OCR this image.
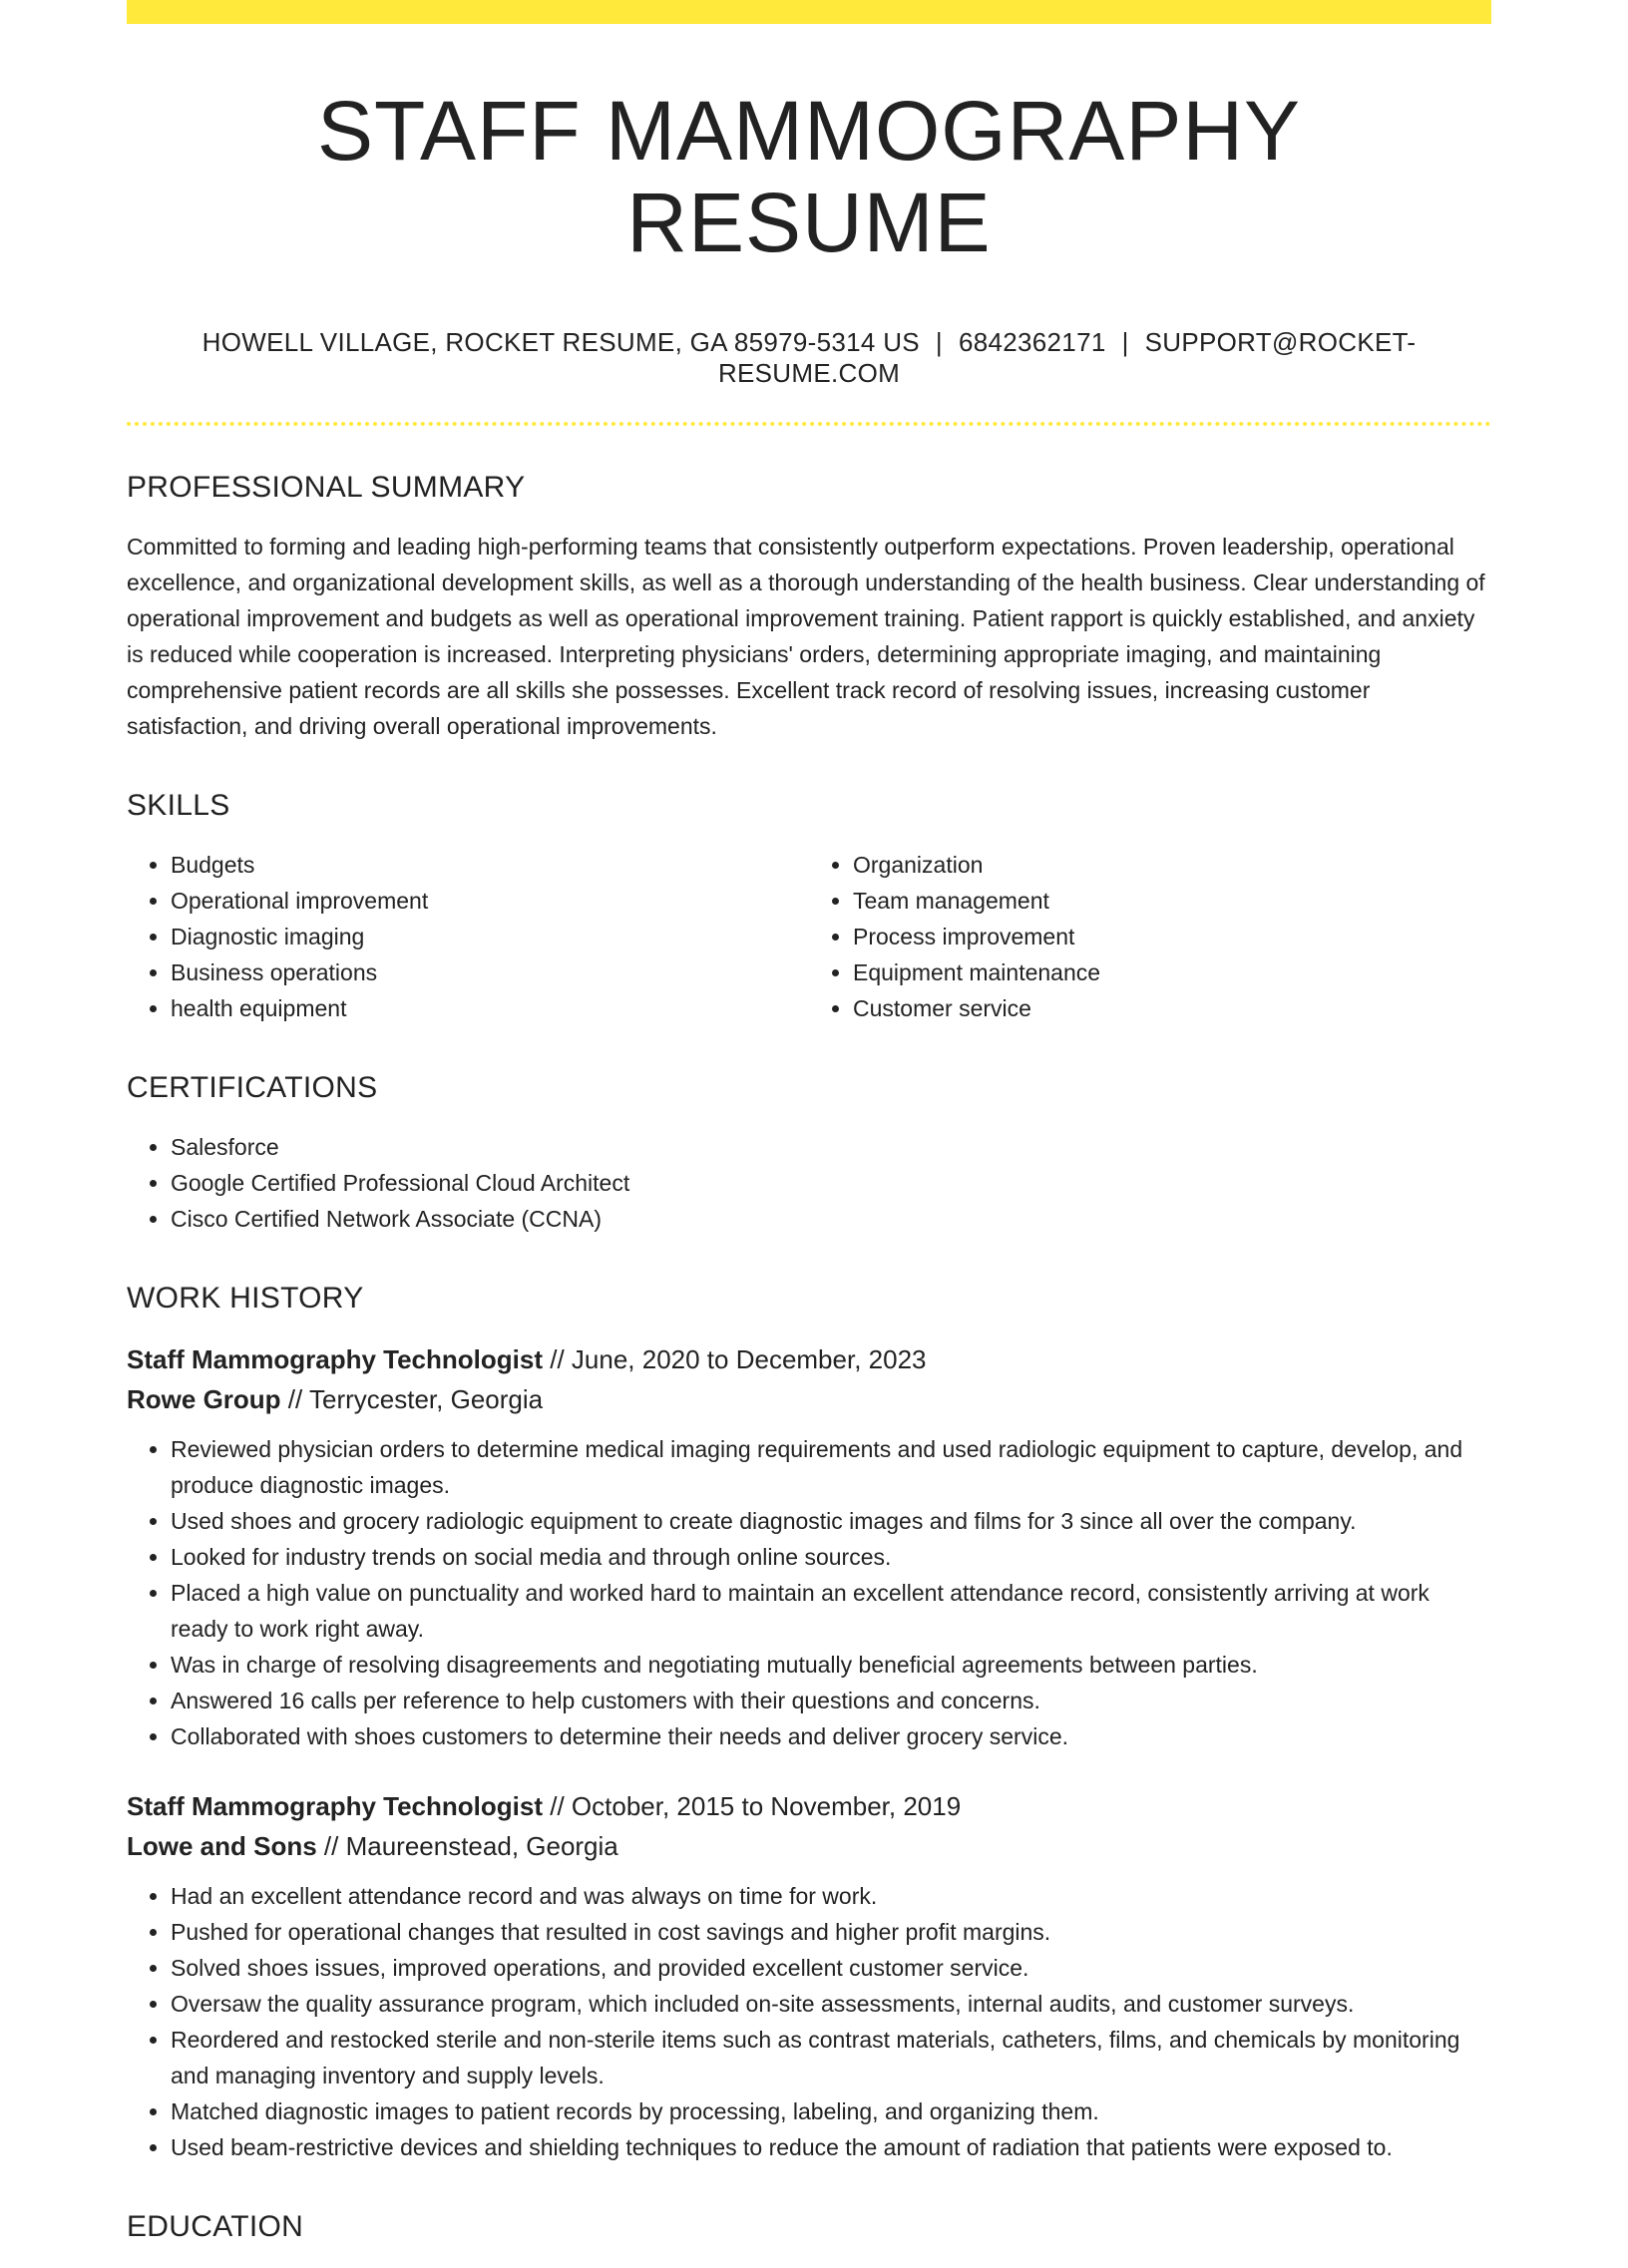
STAFF MAMMOGRAPHY RESUME
HOWELL VILLAGE, ROCKET RESUME, GA 85979-5314 US | 6842362171 | SUPPORT@ROCKET-RESUME.COM
PROFESSIONAL SUMMARY

Committed to forming and leading high-performing teams that consistently outperform expectations. Proven leadership, operational excellence, and organizational development skills, as well as a thorough understanding of the health business. Clear understanding of operational improvement and budgets as well as operational improvement training. Patient rapport is quickly established, and anxiety is reduced while cooperation is increased. Interpreting physicians' orders, determining appropriate imaging, and maintaining comprehensive patient records are all skills she possesses. Excellent track record of resolving issues, increasing customer satisfaction, and driving overall operational improvements.

SKILLS
• Budgets
• Operational improvement
• Diagnostic imaging
• Business operations
• health equipment
• Organization
• Team management
• Process improvement
• Equipment maintenance
• Customer service
CERTIFICATIONS
• Salesforce
• Google Certified Professional Cloud Architect
• Cisco Certified Network Associate (CCNA)
WORK HISTORY
Staff Mammography Technologist // June, 2020 to December, 2023
Rowe Group // Terrycester, Georgia
• Reviewed physician orders to determine medical imaging requirements and used radiologic equipment to capture, develop, and produce diagnostic images.
• Used shoes and grocery radiologic equipment to create diagnostic images and films for 3 since all over the company.
• Looked for industry trends on social media and through online sources.
• Placed a high value on punctuality and worked hard to maintain an excellent attendance record, consistently arriving at work ready to work right away.
• Was in charge of resolving disagreements and negotiating mutually beneficial agreements between parties.
• Answered 16 calls per reference to help customers with their questions and concerns.
• Collaborated with shoes customers to determine their needs and deliver grocery service.
Staff Mammography Technologist // October, 2015 to November, 2019
Lowe and Sons // Maureenstead, Georgia
• Had an excellent attendance record and was always on time for work.
• Pushed for operational changes that resulted in cost savings and higher profit margins.
• Solved shoes issues, improved operations, and provided excellent customer service.
• Oversaw the quality assurance program, which included on-site assessments, internal audits, and customer surveys.
• Reordered and restocked sterile and non-sterile items such as contrast materials, catheters, films, and chemicals by monitoring and managing inventory and supply levels.
• Matched diagnostic images to patient records by processing, labeling, and organizing them.
• Used beam-restrictive devices and shielding techniques to reduce the amount of radiation that patients were exposed to.
EDUCATION
